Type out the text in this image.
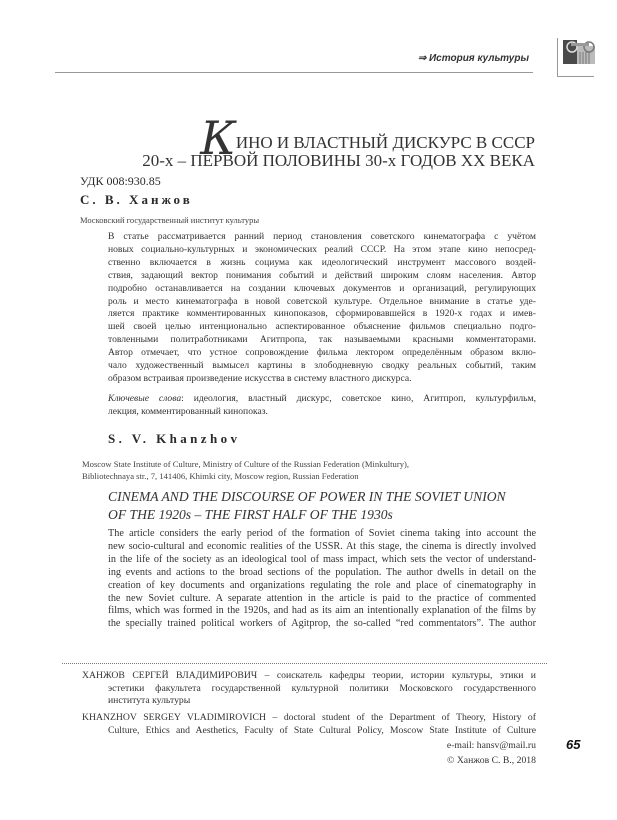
⇒ История культуры
КИНО И ВЛАСТНЫЙ ДИСКУРС В СССР
20-х – ПЕРВОЙ ПОЛОВИНЫ 30-х ГОДОВ XX ВЕКА
УДК 008:930.85
С. В. Ханжов
Московский государственный институт культуры
В статье рассматривается ранний период становления советского кинематографа с учётом
новых социально-культурных и экономических реалий СССР. На этом этапе кино непосред-
ственно включается в жизнь социума как идеологический инструмент массового воздей-
ствия, задающий вектор понимания событий и действий широким слоям населения. Автор
подробно останавливается на создании ключевых документов и организаций, регулирующих
роль и место кинематографа в новой советской культуре. Отдельное внимание в статье уде-
ляется практике комментированных кинопоказов, сформировавшейся в 1920-х годах и имев-
шей своей целью интенционально аспектированное объяснение фильмов специально подго-
товленными политработниками Агитпропа, так называемыми красными комментаторами.
Автор отмечает, что устное сопровождение фильма лектором определённым образом вклю-
чало художественный вымысел картины в злободневную сводку реальных событий, таким
образом встраивая произведение искусства в систему властного дискурса.
Ключевые слова: идеология, властный дискурс, советское кино, Агитпроп, культурфильм,
лекция, комментированный кинопоказ.
S. V. Khanzhov
Moscow State Institute of Culture, Ministry of Culture of the Russian Federation (Minkultury),
Bibliotechnaya str., 7, 141406, Khimki city, Moscow region, Russian Federation
CINEMA AND THE DISCOURSE OF POWER IN THE SOVIET UNION
OF THE 1920s – THE FIRST HALF OF THE 1930s
The article considers the early period of the formation of Soviet cinema taking into account the
new socio-cultural and economic realities of the USSR. At this stage, the cinema is directly involved
in the life of the society as an ideological tool of mass impact, which sets the vector of understand-
ing events and actions to the broad sections of the population. The author dwells in detail on the
creation of key documents and organizations regulating the role and place of cinematography in
the new Soviet culture. A separate attention in the article is paid to the practice of commented
films, which was formed in the 1920s, and had as its aim an intentionally explanation of the films by
the specially trained political workers of Agitprop, the so-called “red commentators”. The author
ХАНЖОВ СЕРГЕЙ ВЛАДИМИРОВИЧ – соискатель кафедры теории, истории культуры, этики и
эстетики факультета государственной культурной политики Московского государственного
института культуры
KHANZHOV SERGEY VLADIMIROVICH – doctoral student of the Department of Theory, History of
Culture, Ethics and Aesthetics, Faculty of State Cultural Policy, Moscow State Institute of Culture
e-mail: hansv@mail.ru
© Ханжов С. В., 2018
65
